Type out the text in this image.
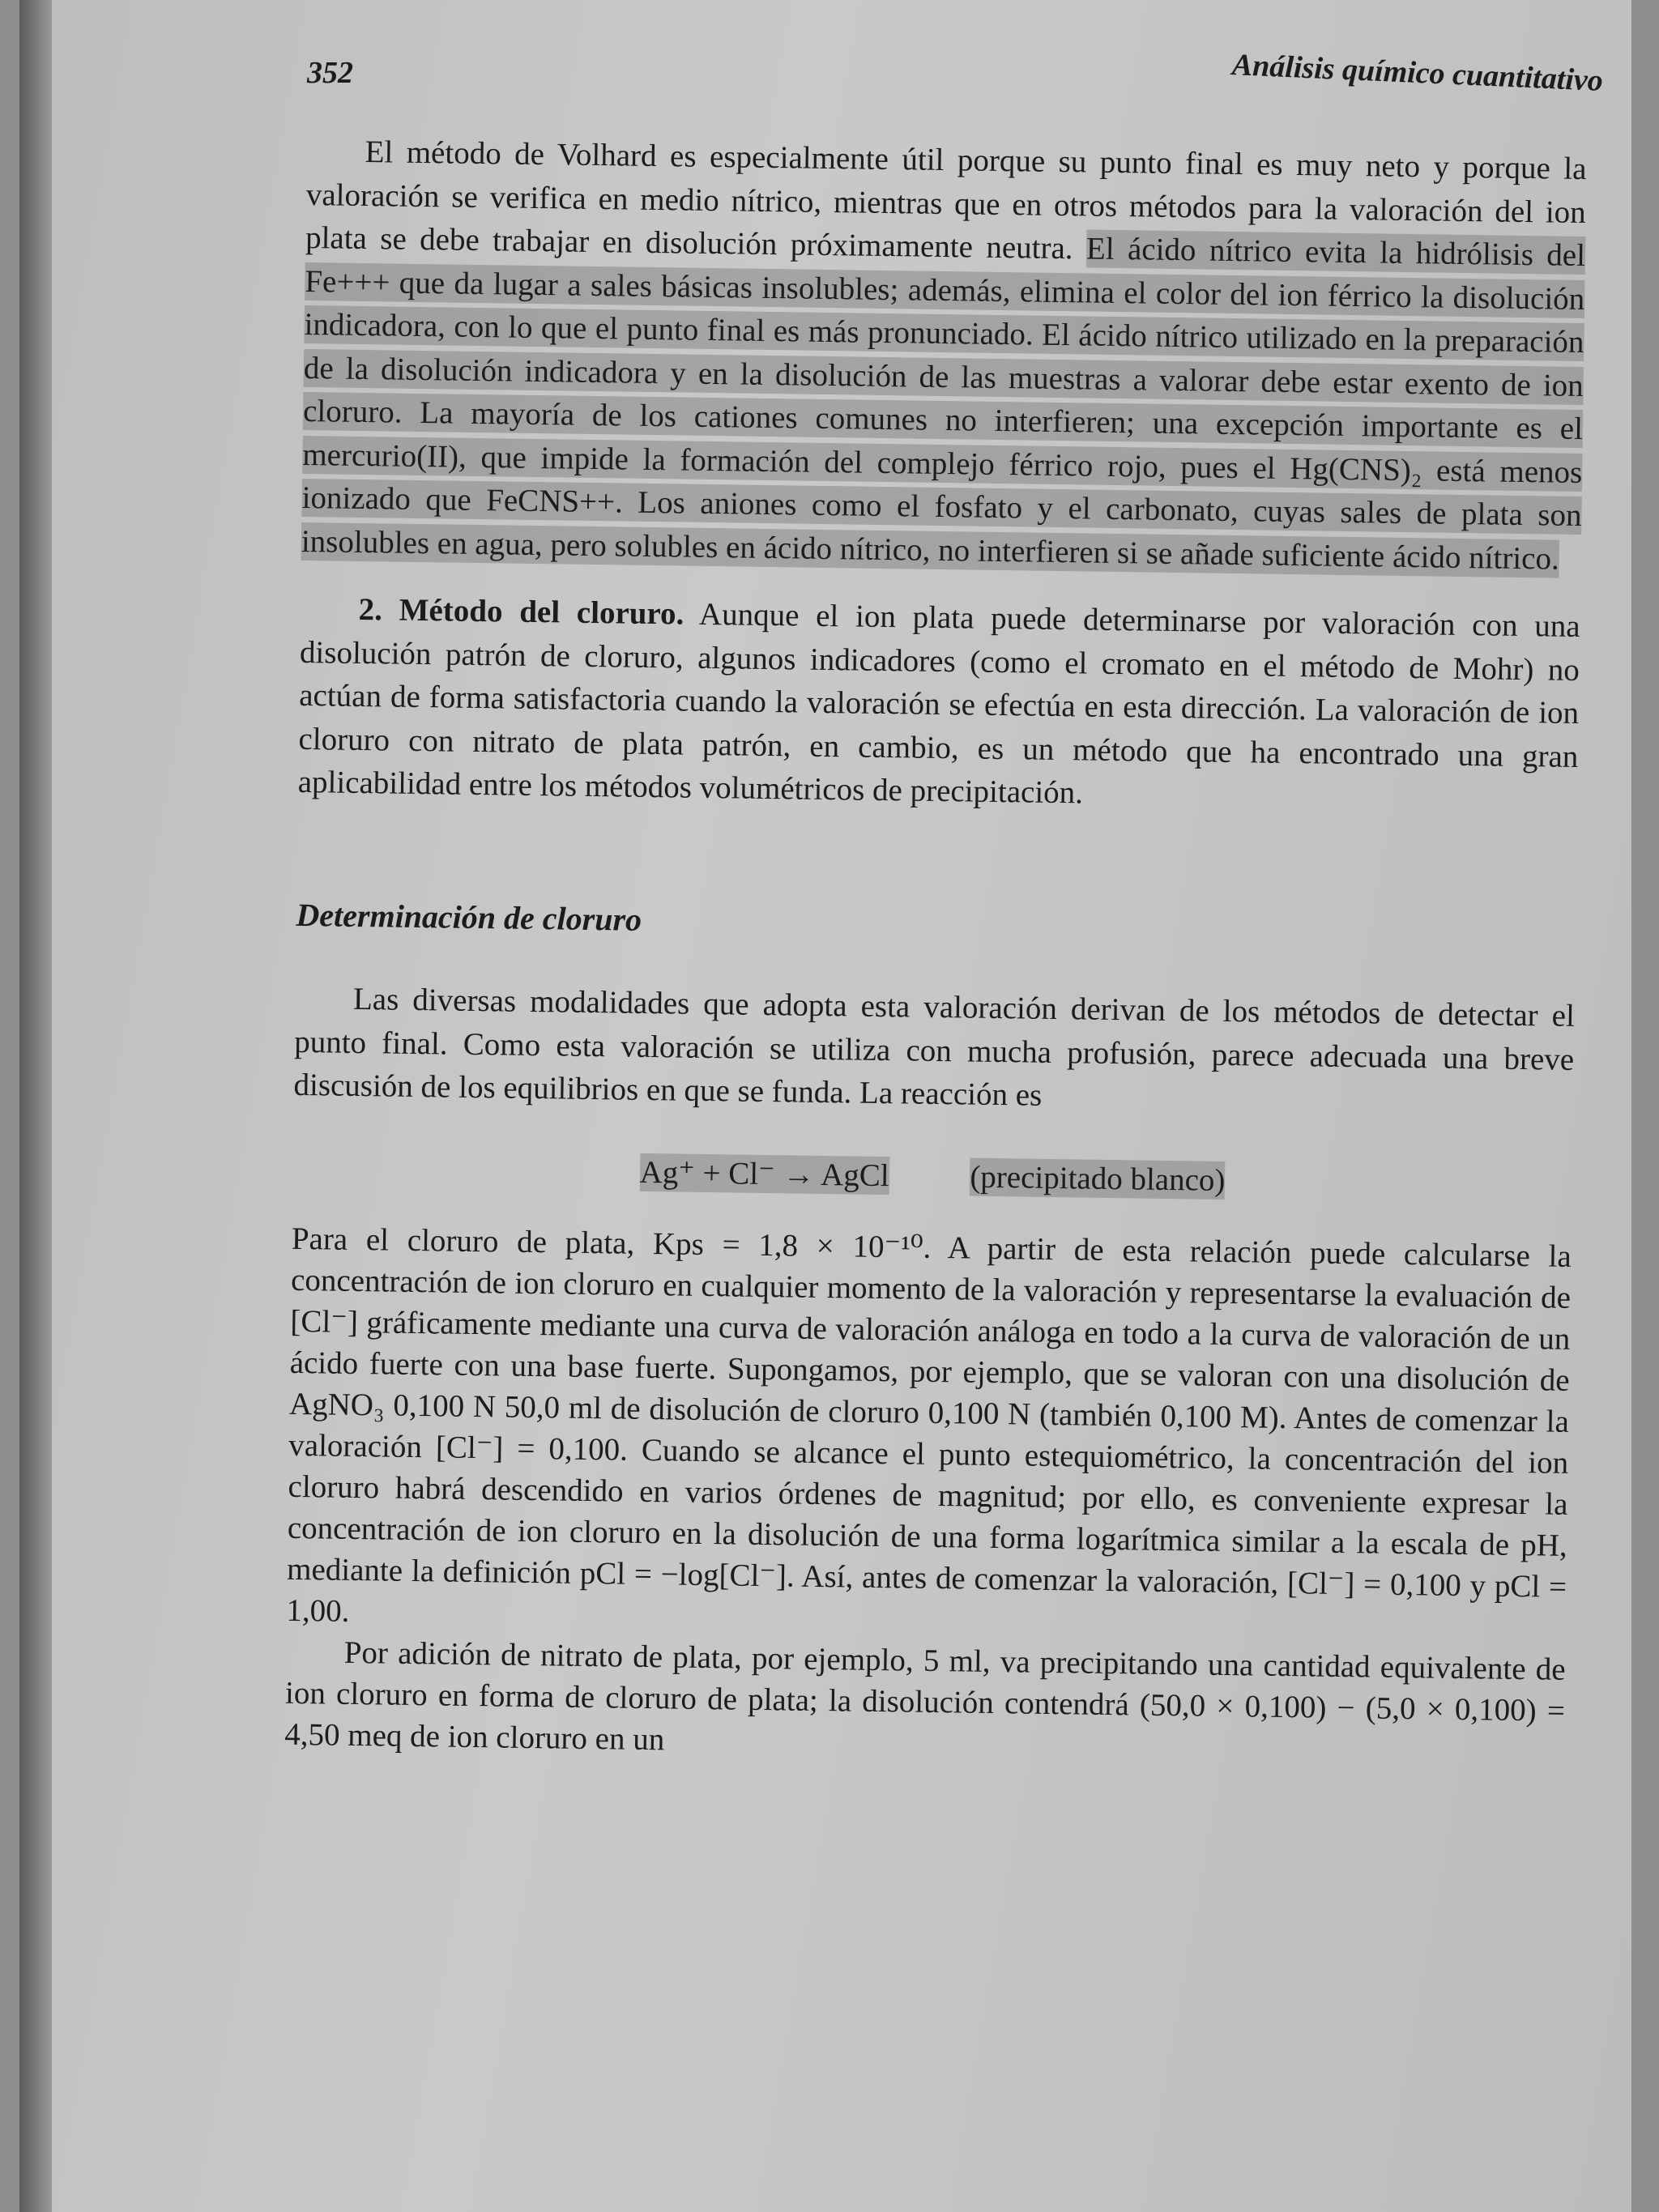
352	Análisis químico cuantitativo

El método de Volhard es especialmente útil porque su punto final es muy neto y porque la valoración se verifica en medio nítrico, mientras que en otros métodos para la valoración del ion plata se debe trabajar en disolución próximamente neutra. El ácido nítrico evita la hidrólisis del Fe+++ que da lugar a sales básicas insolubles; además, elimina el color del ion férrico la disolución indicadora, con lo que el punto final es más pronunciado. El ácido nítrico utilizado en la preparación de la disolución indicadora y en la disolución de las muestras a valorar debe estar exento de ion cloruro. La mayoría de los cationes comunes no interfieren; una excepción importante es el mercurio(II), que impide la formación del complejo férrico rojo, pues el Hg(CNS)₂ está menos ionizado que FeCNS++. Los aniones como el fosfato y el carbonato, cuyas sales de plata son insolubles en agua, pero solubles en ácido nítrico, no interfieren si se añade suficiente ácido nítrico.

2. Método del cloruro. Aunque el ion plata puede determinarse por valoración con una disolución patrón de cloruro, algunos indicadores (como el cromato en el método de Mohr) no actúan de forma satisfactoria cuando la valoración se efectúa en esta dirección. La valoración de ion cloruro con nitrato de plata patrón, en cambio, es un método que ha encontrado una gran aplicabilidad entre los métodos volumétricos de precipitación.

Determinación de cloruro

Las diversas modalidades que adopta esta valoración derivan de los métodos de detectar el punto final. Como esta valoración se utiliza con mucha profusión, parece adecuada una breve discusión de los equilibrios en que se funda. La reacción es

Ag⁺ + Cl⁻ → AgCl	(precipitado blanco)

Para el cloruro de plata, Kps = 1,8 × 10⁻¹⁰. A partir de esta relación puede calcularse la concentración de ion cloruro en cualquier momento de la valoración y representarse la evaluación de [Cl⁻] gráficamente mediante una curva de valoración análoga en todo a la curva de valoración de un ácido fuerte con una base fuerte. Supongamos, por ejemplo, que se valoran con una disolución de AgNO₃ 0,100 N 50,0 ml de disolución de cloruro 0,100 N (también 0,100 M). Antes de comenzar la valoración [Cl⁻] = 0,100. Cuando se alcance el punto estequiométrico, la concentración del ion cloruro habrá descendido en varios órdenes de magnitud; por ello, es conveniente expresar la concentración de ion cloruro en la disolución de una forma logarítmica similar a la escala de pH, mediante la definición pCl = −log[Cl⁻]. Así, antes de comenzar la valoración, [Cl⁻] = 0,100 y pCl = 1,00.

Por adición de nitrato de plata, por ejemplo, 5 ml, va precipitando una cantidad equivalente de ion cloruro en forma de cloruro de plata; la disolución contendrá (50,0 × 0,100) − (5,0 × 0,100) = 4,50 meq de ion cloruro en un
